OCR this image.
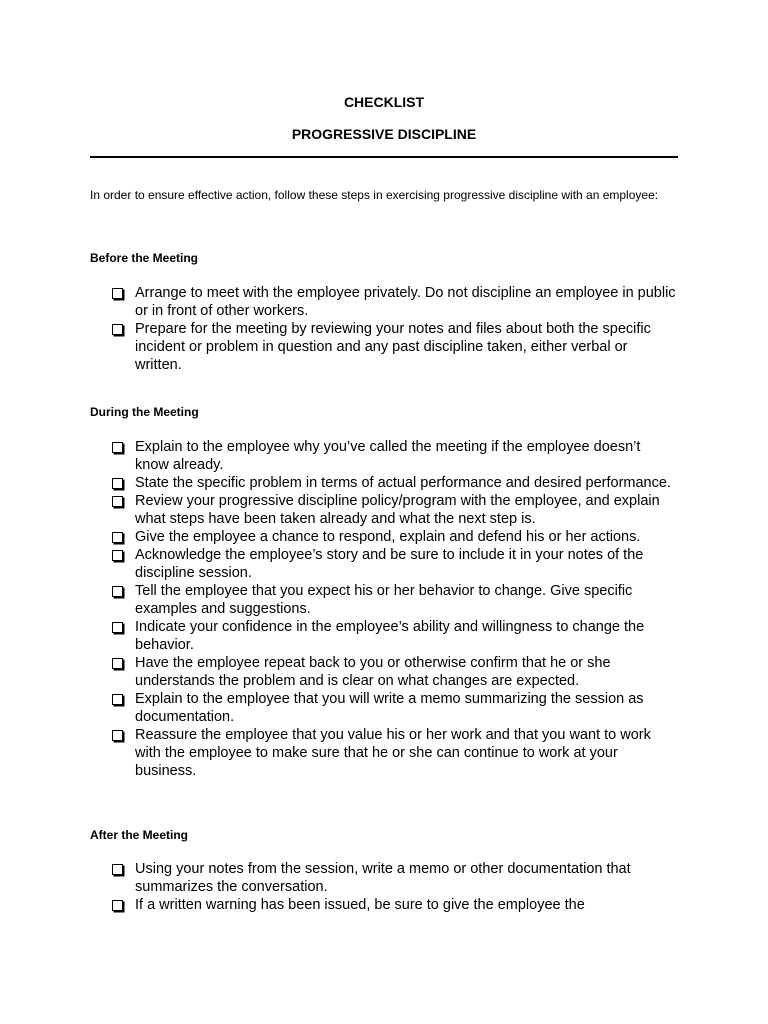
CHECKLIST
PROGRESSIVE DISCIPLINE
In order to ensure effective action, follow these steps in exercising progressive discipline with an employee:
Before the Meeting
Arrange to meet with the employee privately. Do not discipline an employee in public or in front of other workers.
Prepare for the meeting by reviewing your notes and files about both the specific incident or problem in question and any past discipline taken, either verbal or written.
During the Meeting
Explain to the employee why you’ve called the meeting if the employee doesn’t know already.
State the specific problem in terms of actual performance and desired performance.
Review your progressive discipline policy/program with the employee, and explain what steps have been taken already and what the next step is.
Give the employee a chance to respond, explain and defend his or her actions.
Acknowledge the employee’s story and be sure to include it in your notes of the discipline session.
Tell the employee that you expect his or her behavior to change. Give specific examples and suggestions.
Indicate your confidence in the employee’s ability and willingness to change the behavior.
Have the employee repeat back to you or otherwise confirm that he or she understands the problem and is clear on what changes are expected.
Explain to the employee that you will write a memo summarizing the session as documentation.
Reassure the employee that you value his or her work and that you want to work with the employee to make sure that he or she can continue to work at your business.
After the Meeting
Using your notes from the session, write a memo or other documentation that summarizes the conversation.
If a written warning has been issued, be sure to give the employee the
